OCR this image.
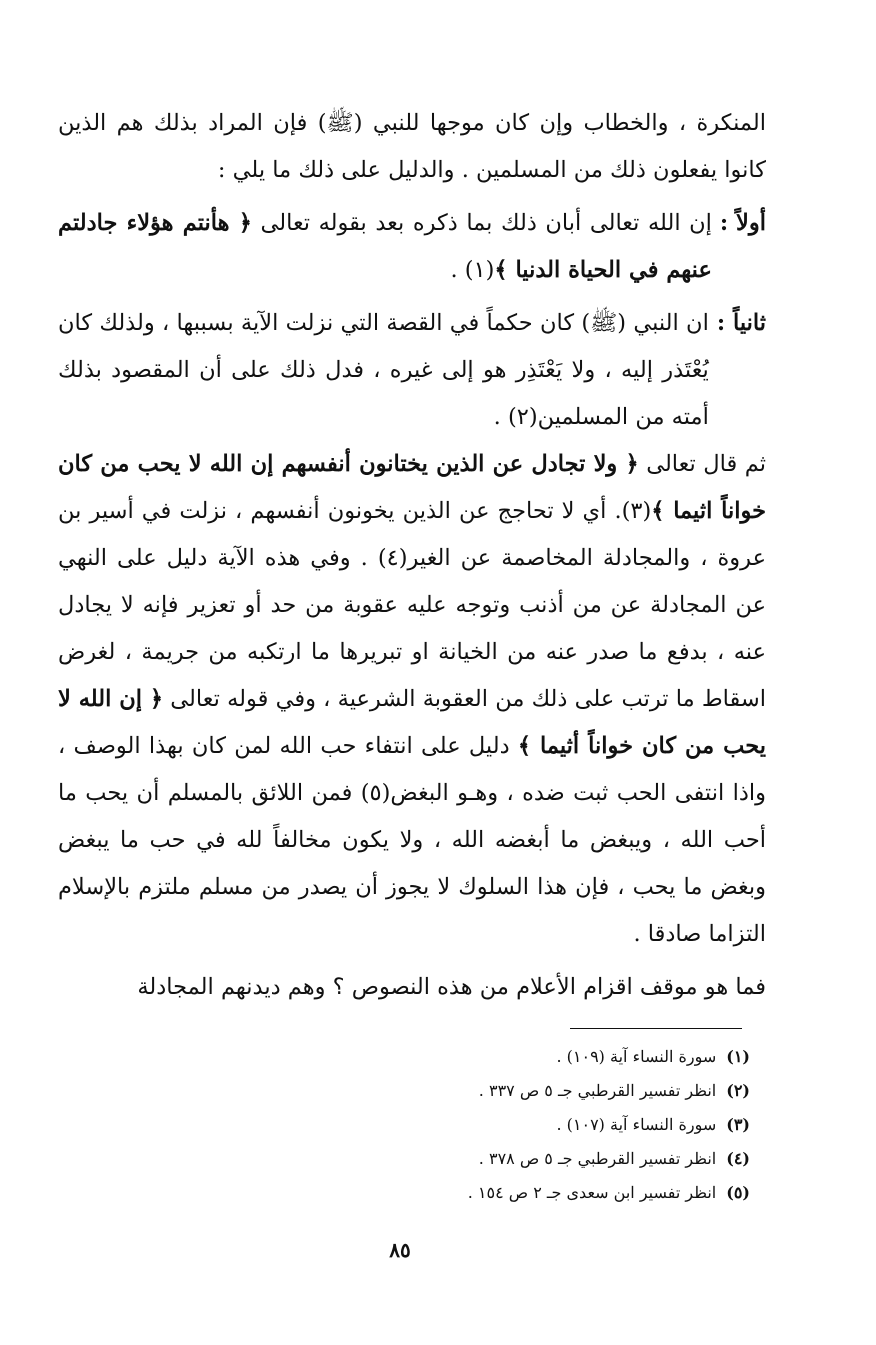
المنكرة ، والخطاب وإن كان موجها للنبي (ﷺ) فإن المراد بذلك هم الذين كانوا يفعلون ذلك من المسلمين . والدليل على ذلك ما يلي :

أولاً :
إن الله تعالى أبان ذلك بما ذكره بعد بقوله تعالى ﴿ هأنتم هؤلاء جادلتم عنهم في الحياة الدنيا ﴾(١) .
ثانياً :
ان النبي (ﷺ) كان حكماً في القصة التي نزلت الآية بسببها ، ولذلك كان يُعْتَذر إليه ، ولا يَعْتَذِر هو إلى غيره ، فدل ذلك على أن المقصود بذلك أمته من المسلمين(٢) .

ثم قال تعالى ﴿ ولا تجادل عن الذين يختانون أنفسهم إن الله لا يحب من كان خواناً اثيما ﴾(٣). أي لا تحاجج عن الذين يخونون أنفسهم ، نزلت في أسير بن عروة ، والمجادلة المخاصمة عن الغير(٤) . وفي هذه الآية دليل على النهي عن المجادلة عن من أذنب وتوجه عليه عقوبة من حد أو تعزير فإنه لا يجادل عنه ، بدفع ما صدر عنه من الخيانة او تبريرها ما ارتكبه من جريمة ، لغرض اسقاط ما ترتب على ذلك من العقوبة الشرعية ، وفي قوله تعالى ﴿ إن الله لا يحب من كان خواناً أثيما ﴾ دليل على انتفاء حب الله لمن كان بهذا الوصف ، واذا انتفى الحب ثبت ضده ، وهـو البغض(٥) فمن اللائق بالمسلم أن يحب ما أحب الله ، ويبغض ما أبغضه الله ، ولا يكون مخالفاً لله في حب ما يبغض وبغض ما يحب ، فإن هذا السلوك لا يجوز أن يصدر من مسلم ملتزم بالإسلام التزاما صادقا .

فما هو موقف اقزام الأعلام من هذه النصوص ؟ وهم ديدنهم المجادلة

(١)
سورة النساء آية (١٠٩) .
(٢)
انظر تفسير القرطبي جـ ٥ ص ٣٣٧ .
(٣)
سورة النساء آية (١٠٧) .
(٤)
انظر تفسير القرطبي جـ ٥ ص ٣٧٨ .
(٥)
انظر تفسير ابن سعدى جـ ٢ ص ١٥٤ .
٨٥
